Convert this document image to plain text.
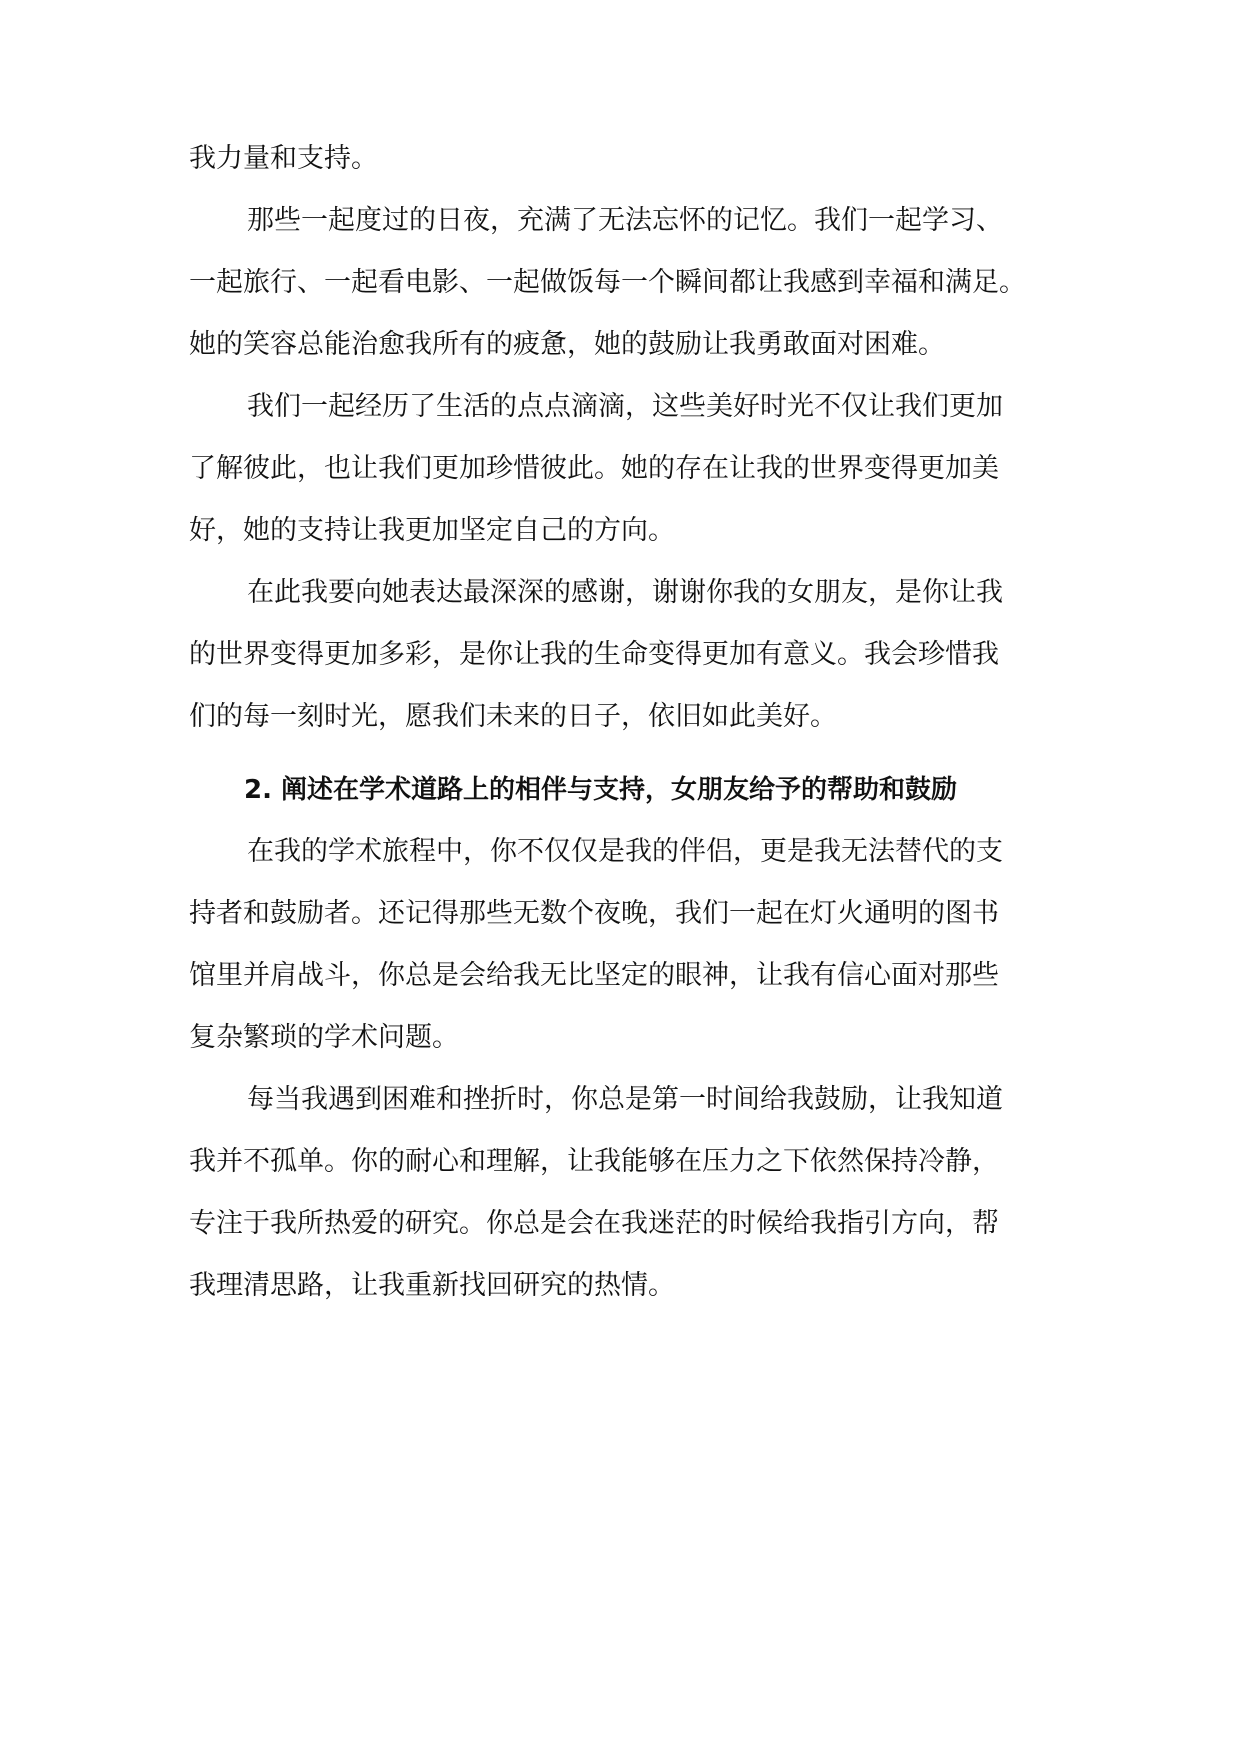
我力量和支持。
那些一起度过的日夜，充满了无法忘怀的记忆。我们一起学习、
一起旅行、一起看电影、一起做饭每一个瞬间都让我感到幸福和满足。
她的笑容总能治愈我所有的疲惫，她的鼓励让我勇敢面对困难。
我们一起经历了生活的点点滴滴，这些美好时光不仅让我们更加
了解彼此，也让我们更加珍惜彼此。她的存在让我的世界变得更加美
好，她的支持让我更加坚定自己的方向。
在此我要向她表达最深深的感谢，谢谢你我的女朋友，是你让我
的世界变得更加多彩，是你让我的生命变得更加有意义。我会珍惜我
们的每一刻时光，愿我们未来的日子，依旧如此美好。
2. 阐述在学术道路上的相伴与支持，女朋友给予的帮助和鼓励
在我的学术旅程中，你不仅仅是我的伴侣，更是我无法替代的支
持者和鼓励者。还记得那些无数个夜晚，我们一起在灯火通明的图书
馆里并肩战斗，你总是会给我无比坚定的眼神，让我有信心面对那些
复杂繁琐的学术问题。
每当我遇到困难和挫折时，你总是第一时间给我鼓励，让我知道
我并不孤单。你的耐心和理解，让我能够在压力之下依然保持冷静，
专注于我所热爱的研究。你总是会在我迷茫的时候给我指引方向，帮
我理清思路，让我重新找回研究的热情。
